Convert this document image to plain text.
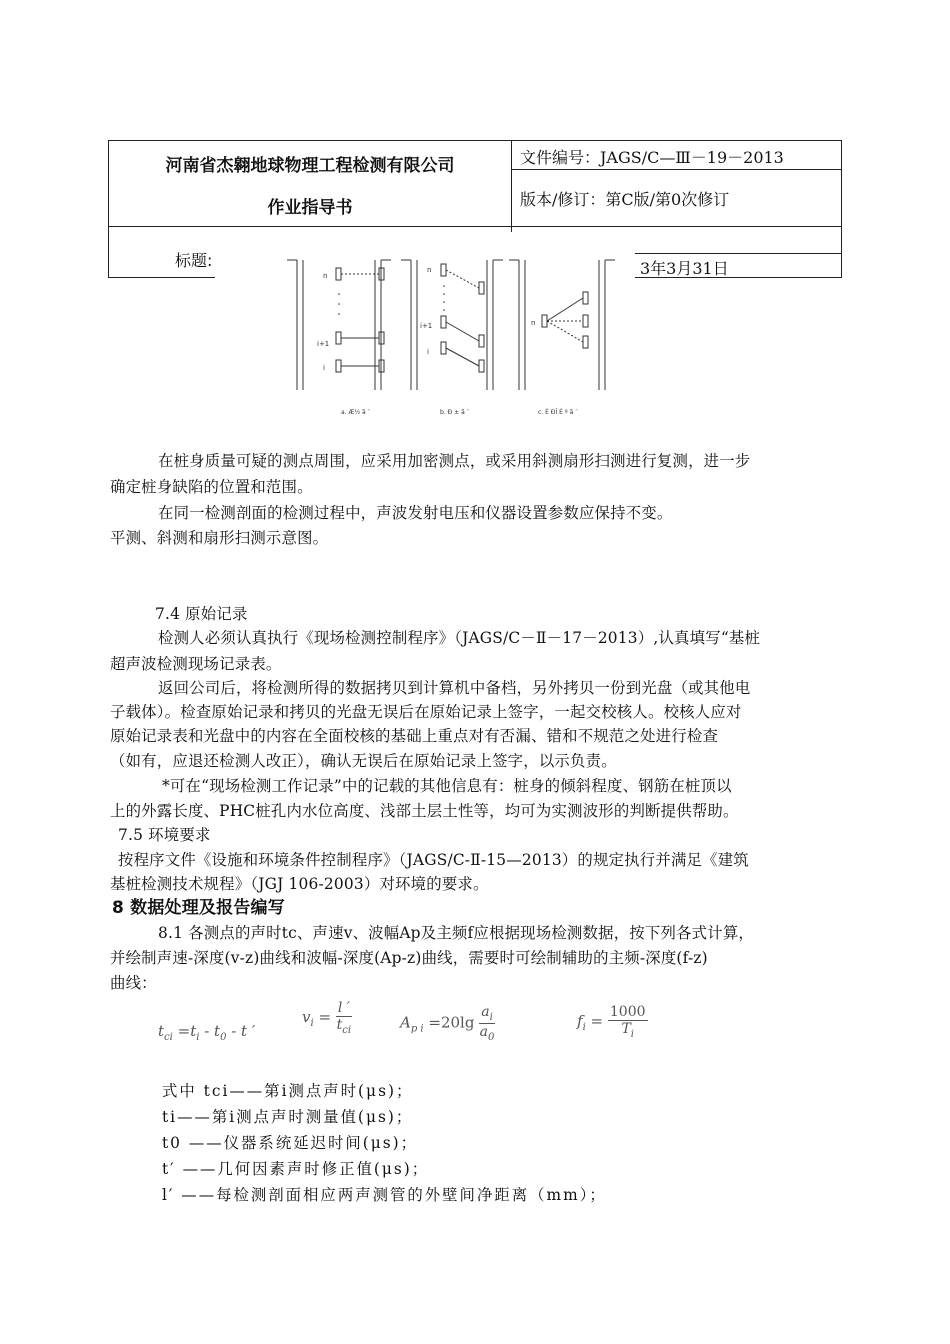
河南省杰翱地球物理工程检测有限公司
作业指导书
文件编号：JAGS/C—Ⅲ－19－2013
版本/修订：第C版/第0次修订
标题:	3年3月31日
n
i+1
i
n
i+1
i
n
a. Æ½ ã ¨	b. Ð ± ã ¨	c. È ÐÎ É º ã ¨
在桩身质量可疑的测点周围，应采用加密测点，或采用斜测扇形扫测进行复测，进一步
确定桩身缺陷的位置和范围。
在同一检测剖面的检测过程中，声波发射电压和仪器设置参数应保持不变。
平测、斜测和扇形扫测示意图。
7.4 原始记录
检测人必须认真执行《现场检测控制程序》（JAGS/C－Ⅱ－17－2013）,认真填写“基桩
超声波检测现场记录表。
返回公司后，将检测所得的数据拷贝到计算机中备档，另外拷贝一份到光盘（或其他电
子载体）。检查原始记录和拷贝的光盘无误后在原始记录上签字，一起交校核人。校核人应对
原始记录表和光盘中的内容在全面校核的基础上重点对有否漏、错和不规范之处进行检查
（如有，应退还检测人改正），确认无误后在原始记录上签字，以示负责。
*可在“现场检测工作记录”中的记载的其他信息有：桩身的倾斜程度、钢筋在桩顶以
上的外露长度、PHC桩孔内水位高度、浅部土层土性等，均可为实测波形的判断提供帮助。
7.5 环境要求
按程序文件《设施和环境条件控制程序》（JAGS/C-Ⅱ-15—2013）的规定执行并满足《建筑
基桩检测技术规程》（JGJ 106-2003）对环境的要求。
8 数据处理及报告编写
8.1 各测点的声时tc、声速v、波幅Ap及主频f应根据现场检测数据，按下列各式计算，
并绘制声速-深度(v-z)曲线和波幅-深度(Ap-z)曲线，需要时可绘制辅助的主频-深度(f-z)
曲线：
$t_{ci} =t_i - t_0 - t$ ′
$v_i = \frac{l '}{t_{ci}}$	$A_{p i} =20\lg \frac{a_i}{a_0}$	$f_i = \frac{1000}{T_i}$
式中 tci——第i测点声时(μs)；
ti——第i测点声时测量值(μs)；
t0 ——仪器系统延迟时间(μs)；
t′ ——几何因素声时修正值(μs)；
l′ ——每检测剖面相应两声测管的外壁间净距离（mm）；
